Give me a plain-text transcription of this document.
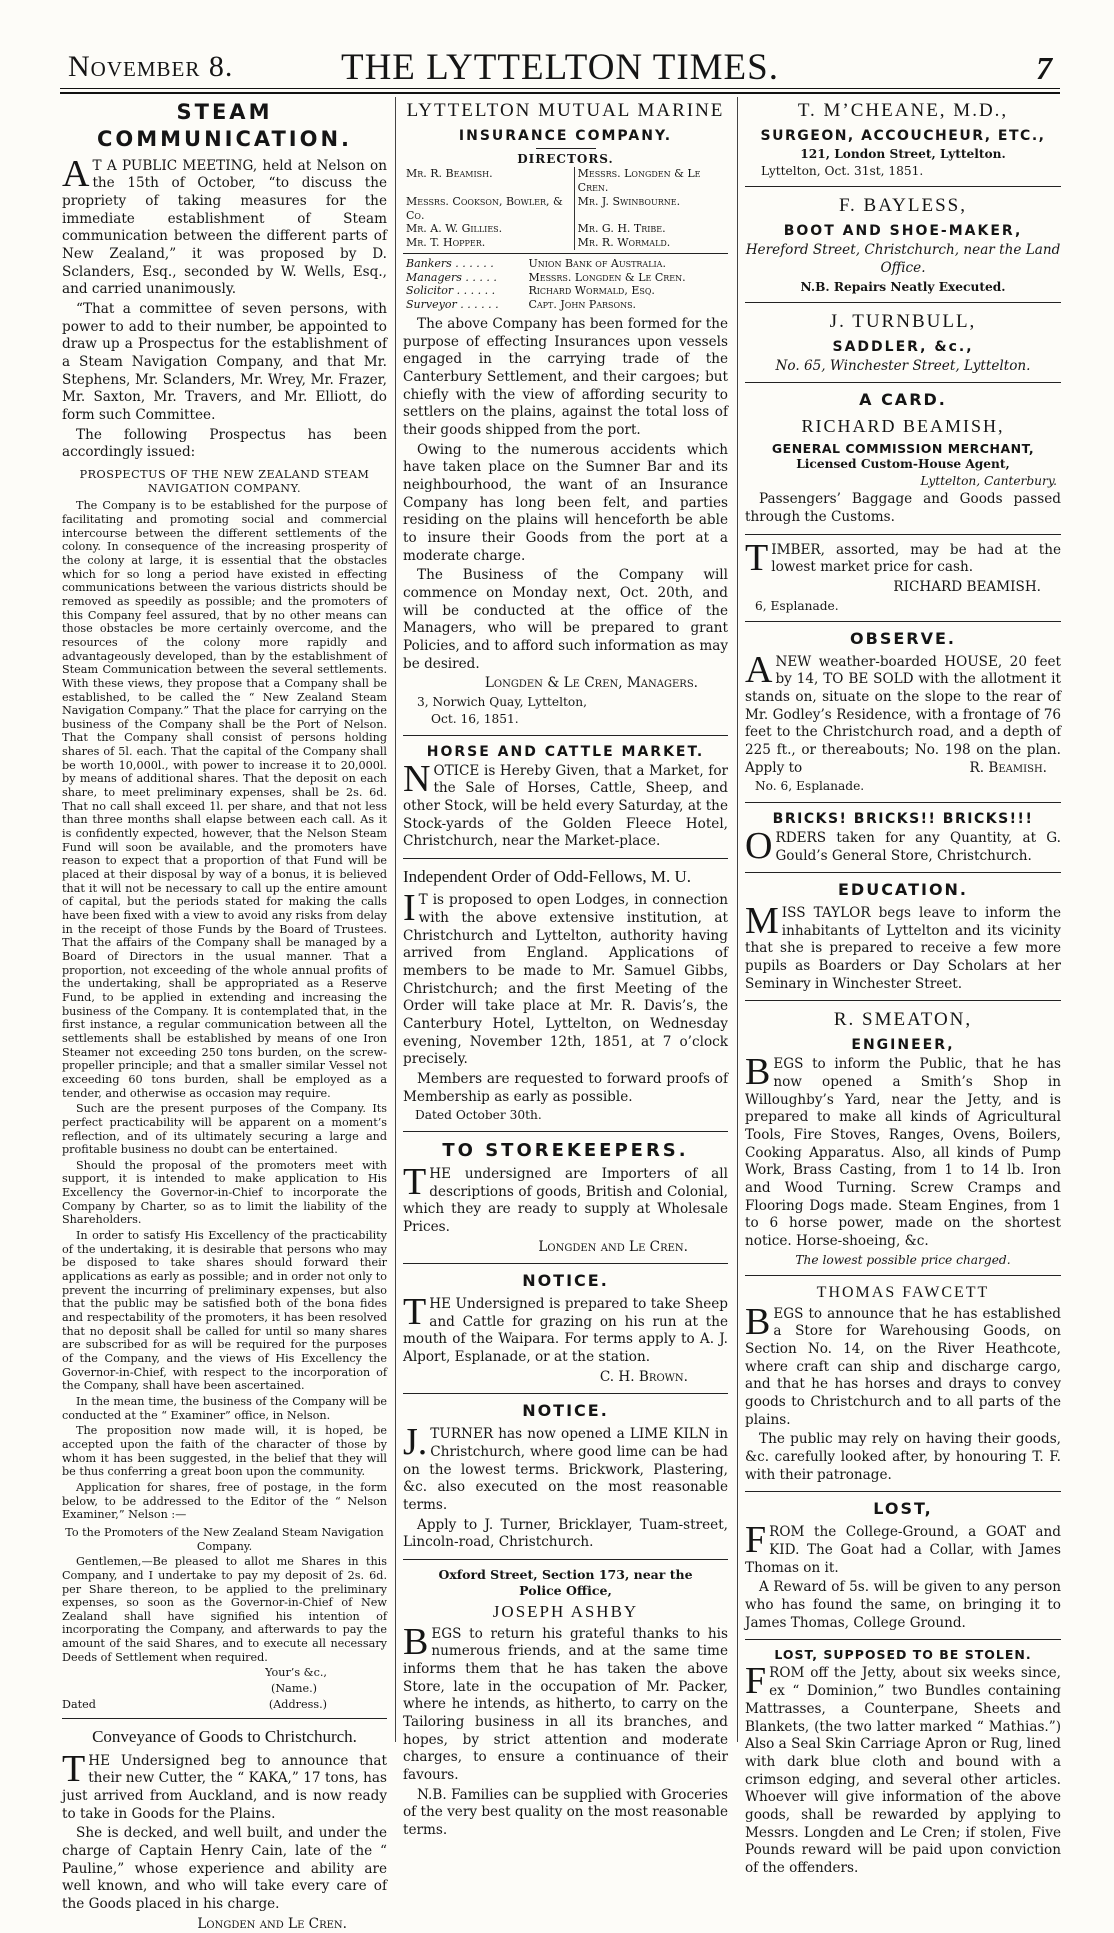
November 8.	THE LYTTELTON TIMES.	7
STEAM COMMUNICATION.

A T A PUBLIC MEETING, held at Nelson on the 15th of October, “to discuss the propriety of taking measures for the immediate establishment of Steam communication between the different parts of New Zealand,” it was proposed by D. Sclanders, Esq., seconded by W. Wells, Esq., and carried unanimously.

“That a committee of seven persons, with power to add to their number, be appointed to draw up a Prospectus for the establishment of a Steam Navigation Company, and that Mr. Stephens, Mr. Sclanders, Mr. Wrey, Mr. Frazer, Mr. Saxton, Mr. Travers, and Mr. Elliott, do form such Committee.

The following Prospectus has been accordingly issued:

PROSPECTUS OF THE NEW ZEALAND STEAM NAVIGATION COMPANY.

The Company is to be established for the purpose of facilitating and promoting social and commercial intercourse between the different settlements of the colony. In consequence of the increasing prosperity of the colony at large, it is essential that the obstacles which for so long a period have existed in effecting communications between the various districts should be removed as speedily as possible; and the promoters of this Company feel assured, that by no other means can those obstacles be more certainly overcome, and the resources of the colony more rapidly and advantageously developed, than by the establishment of Steam Communication between the several settlements. With these views, they propose that a Company shall be established, to be called the “ New Zealand Steam Navigation Company.” That the place for carrying on the business of the Company shall be the Port of Nelson. That the Company shall consist of persons holding shares of 5l. each. That the capital of the Company shall be worth 10,000l., with power to increase it to 20,000l. by means of additional shares. That the deposit on each share, to meet preliminary expenses, shall be 2s. 6d. That no call shall exceed 1l. per share, and that not less than three months shall elapse between each call. As it is confidently expected, however, that the Nelson Steam Fund will soon be available, and the promoters have reason to expect that a proportion of that Fund will be placed at their disposal by way of a bonus, it is believed that it will not be necessary to call up the entire amount of capital, but the periods stated for making the calls have been fixed with a view to avoid any risks from delay in the receipt of those Funds by the Board of Trustees. That the affairs of the Company shall be managed by a Board of Directors in the usual manner. That a proportion, not exceeding of the whole annual profits of the undertaking, shall be appropriated as a Reserve Fund, to be applied in extending and increasing the business of the Company. It is contemplated that, in the first instance, a regular communication between all the settlements shall be established by means of one Iron Steamer not exceeding 250 tons burden, on the screw-propeller principle; and that a smaller similar Vessel not exceeding 60 tons burden, shall be employed as a tender, and otherwise as occasion may require.

Such are the present purposes of the Company. Its perfect practicability will be apparent on a moment’s reflection, and of its ultimately securing a large and profitable business no doubt can be entertained.

Should the proposal of the promoters meet with support, it is intended to make application to His Excellency the Governor-in-Chief to incorporate the Company by Charter, so as to limit the liability of the Shareholders.

In order to satisfy His Excellency of the practicability of the undertaking, it is desirable that persons who may be disposed to take shares should forward their applications as early as possible; and in order not only to prevent the incurring of preliminary expenses, but also that the public may be satisfied both of the bona fides and respectability of the promoters, it has been resolved that no deposit shall be called for until so many shares are subscribed for as will be required for the purposes of the Company, and the views of His Excellency the Governor-in-Chief, with respect to the incorporation of the Company, shall have been ascertained.

In the mean time, the business of the Company will be conducted at the “ Examiner” office, in Nelson.

The proposition now made will, it is hoped, be accepted upon the faith of the character of those by whom it has been suggested, in the belief that they will be thus conferring a great boon upon the community.

Application for shares, free of postage, in the form below, to be addressed to the Editor of the “ Nelson Examiner,” Nelson :—

To the Promoters of the New Zealand Steam Navigation Company.

Gentlemen,—Be pleased to allot me Shares in this Company, and I undertake to pay my deposit of 2s. 6d. per Share thereon, to be applied to the preliminary expenses, so soon as the Governor-in-Chief of New Zealand shall have signified his intention of incorporating the Company, and afterwards to pay the amount of the said Shares, and to execute all necessary Deeds of Settlement when required.

Your’s &c.,

(Name.)

Dated	(Address.)

Conveyance of Goods to Christchurch.

THE Undersigned beg to announce that their new Cutter, the “ KAKA,” 17 tons, has just arrived from Auckland, and is now ready to take in Goods for the Plains.

She is decked, and well built, and under the charge of Captain Henry Cain, late of the “ Pauline,” whose experience and ability are well known, and who will take every care of the Goods placed in his charge.

Longden and Le Cren.

LYTTELTON MUTUAL MARINE
INSURANCE COMPANY.
DIRECTORS.
Mr. R. Beamish.	Messrs. Longden & Le Cren.
Messrs. Cookson, Bowler, & Co.	Mr. J. Swinbourne.
Mr. A. W. Gillies.	Mr. G. H. Tribe.
Mr. T. Hopper.	Mr. R. Wormald.
Bankers . . . . . .	Union Bank of Australia.
Managers . . . . .	Messrs. Longden & Le Cren.
Solicitor . . . . . .	Richard Wormald, Esq.
Surveyor . . . . . .	Capt. John Parsons.

The above Company has been formed for the purpose of effecting Insurances upon vessels engaged in the carrying trade of the Canterbury Settlement, and their cargoes; but chiefly with the view of affording security to settlers on the plains, against the total loss of their goods shipped from the port.

Owing to the numerous accidents which have taken place on the Sumner Bar and its neighbourhood, the want of an Insurance Company has long been felt, and parties residing on the plains will henceforth be able to insure their Goods from the port at a moderate charge.

The Business of the Company will commence on Monday next, Oct. 20th, and will be conducted at the office of the Managers, who will be prepared to grant Policies, and to afford such information as may be desired.

Longden & Le Cren, Managers.

3, Norwich Quay, Lyttelton,

Oct. 16, 1851.

HORSE AND CATTLE MARKET.

NOTICE is Hereby Given, that a Market, for the Sale of Horses, Cattle, Sheep, and other Stock, will be held every Saturday, at the Stock-yards of the Golden Fleece Hotel, Christchurch, near the Market-place.

Independent Order of Odd-Fellows, M. U.

I T is proposed to open Lodges, in connection with the above extensive institution, at Christchurch and Lyttelton, authority having arrived from England. Applications of members to be made to Mr. Samuel Gibbs, Christchurch; and the first Meeting of the Order will take place at Mr. R. Davis’s, the Canterbury Hotel, Lyttelton, on Wednesday evening, November 12th, 1851, at 7 o’clock precisely.

Members are requested to forward proofs of Membership as early as possible.

Dated October 30th.

TO STOREKEEPERS.

THE undersigned are Importers of all descriptions of goods, British and Colonial, which they are ready to supply at Wholesale Prices.

Longden and Le Cren.

NOTICE.

THE Undersigned is prepared to take Sheep and Cattle for grazing on his run at the mouth of the Waipara. For terms apply to A. J. Alport, Esplanade, or at the station.

C. H. Brown.

NOTICE.

J. TURNER has now opened a LIME KILN in Christchurch, where good lime can be had on the lowest terms. Brickwork, Plastering, &c. also executed on the most reasonable terms.

Apply to J. Turner, Bricklayer, Tuam-street, Lincoln-road, Christchurch.

Oxford Street, Section 173, near the Police Office,

JOSEPH ASHBY

BEGS to return his grateful thanks to his numerous friends, and at the same time informs them that he has taken the above Store, late in the occupation of Mr. Packer, where he intends, as hitherto, to carry on the Tailoring business in all its branches, and hopes, by strict attention and moderate charges, to ensure a continuance of their favours.

N.B. Families can be supplied with Groceries of the very best quality on the most reasonable terms.

T. M’CHEANE, M.D.,
SURGEON, ACCOUCHEUR, ETC.,

121, London Street, Lyttelton.

Lyttelton, Oct. 31st, 1851.

F. BAYLESS,
BOOT AND SHOE-MAKER,

Hereford Street, Christchurch, near the Land Office.

N.B. Repairs Neatly Executed.

J. TURNBULL,
SADDLER, &c.,

No. 65, Winchester Street, Lyttelton.

A CARD.
RICHARD BEAMISH,
GENERAL COMMISSION MERCHANT,

Licensed Custom-House Agent,

Lyttelton, Canterbury.

Passengers’ Baggage and Goods passed through the Customs.

TIMBER, assorted, may be had at the lowest market price for cash.

RICHARD BEAMISH.

6, Esplanade.

OBSERVE.

ANEW weather-boarded HOUSE, 20 feet by 14, TO BE SOLD with the allotment it stands on, situate on the slope to the rear of Mr. Godley’s Residence, with a frontage of 76 feet to the Christchurch road, and a depth of 225 ft., or thereabouts; No. 198 on the plan. Apply to	R. Beamish.

No. 6, Esplanade.

BRICKS! BRICKS!! BRICKS!!!

ORDERS taken for any Quantity, at G. Gould’s General Store, Christchurch.

EDUCATION.

MISS TAYLOR begs leave to inform the inhabitants of Lyttelton and its vicinity that she is prepared to receive a few more pupils as Boarders or Day Scholars at her Seminary in Winchester Street.

R. SMEATON,
ENGINEER,

BEGS to inform the Public, that he has now opened a Smith’s Shop in Willoughby’s Yard, near the Jetty, and is prepared to make all kinds of Agricultural Tools, Fire Stoves, Ranges, Ovens, Boilers, Cooking Apparatus. Also, all kinds of Pump Work, Brass Casting, from 1 to 14 lb. Iron and Wood Turning. Screw Cramps and Flooring Dogs made. Steam Engines, from 1 to 6 horse power, made on the shortest notice. Horse-shoeing, &c.

The lowest possible price charged.

THOMAS FAWCETT

BEGS to announce that he has established a Store for Warehousing Goods, on Section No. 14, on the River Heathcote, where craft can ship and discharge cargo, and that he has horses and drays to convey goods to Christchurch and to all parts of the plains.

The public may rely on having their goods, &c. carefully looked after, by honouring T. F. with their patronage.

LOST,

FROM the College-Ground, a GOAT and KID. The Goat had a Collar, with James Thomas on it.

A Reward of 5s. will be given to any person who has found the same, on bringing it to James Thomas, College Ground.

LOST, SUPPOSED TO BE STOLEN.

FROM off the Jetty, about six weeks since, ex “ Dominion,” two Bundles containing Mattrasses, a Counterpane, Sheets and Blankets, (the two latter marked “ Mathias.”) Also a Seal Skin Carriage Apron or Rug, lined with dark blue cloth and bound with a crimson edging, and several other articles. Whoever will give information of the above goods, shall be rewarded by applying to Messrs. Longden and Le Cren; if stolen, Five Pounds reward will be paid upon conviction of the offenders.
